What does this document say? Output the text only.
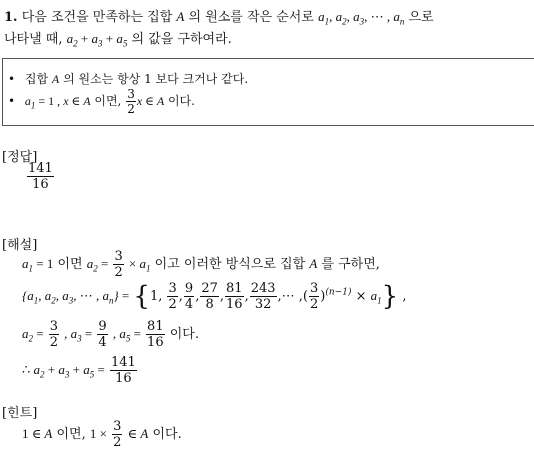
1. 다음 조건을 만족하는 집합 A 의 원소를 작은 순서로 $a_1$, $a_2$, $a_3$, ⋯ , $a_n$ 으로
나타낼 때, $a_2 + a_3 + a_5$ 의 값을 구하여라.
• 집합 A 의 원소는 항상 1 보다 크거나 같다.
• $a_1 = 1$ , x ∈ A 이면, $\frac{3}{2}$ x ∈ A 이다.
[정답]
$\frac{141}{16}$
[해설]
$a_1 = 1$ 이면 $a_2 = \frac{3}{2} \times a_1$ 이고 이러한 방식으로 집합 A 를 구하면,
{$a_1$, $a_2$, $a_3$, ⋯ , $a_n\} = \{1$, $\frac{3}{2}$ , $\frac{9}{4}$ , $\frac{27}{8}$ , $\frac{81}{16}$ , $\frac{243}{32}$ ,⋯ ,( $\frac{3}{2} )^{(n-1)} \times a_1$} ,
$a_2 = \frac{3}{2}$ , $a_3 = \frac{9}{4}$ , $a_5 = \frac{81}{16}$ 이다.
∴ $a_2 + a_3 + a_5 = \frac{141}{16}$
[힌트]
1 ∈ A 이면, $1 \times \frac{3}{2}$ ∈ A 이다.
